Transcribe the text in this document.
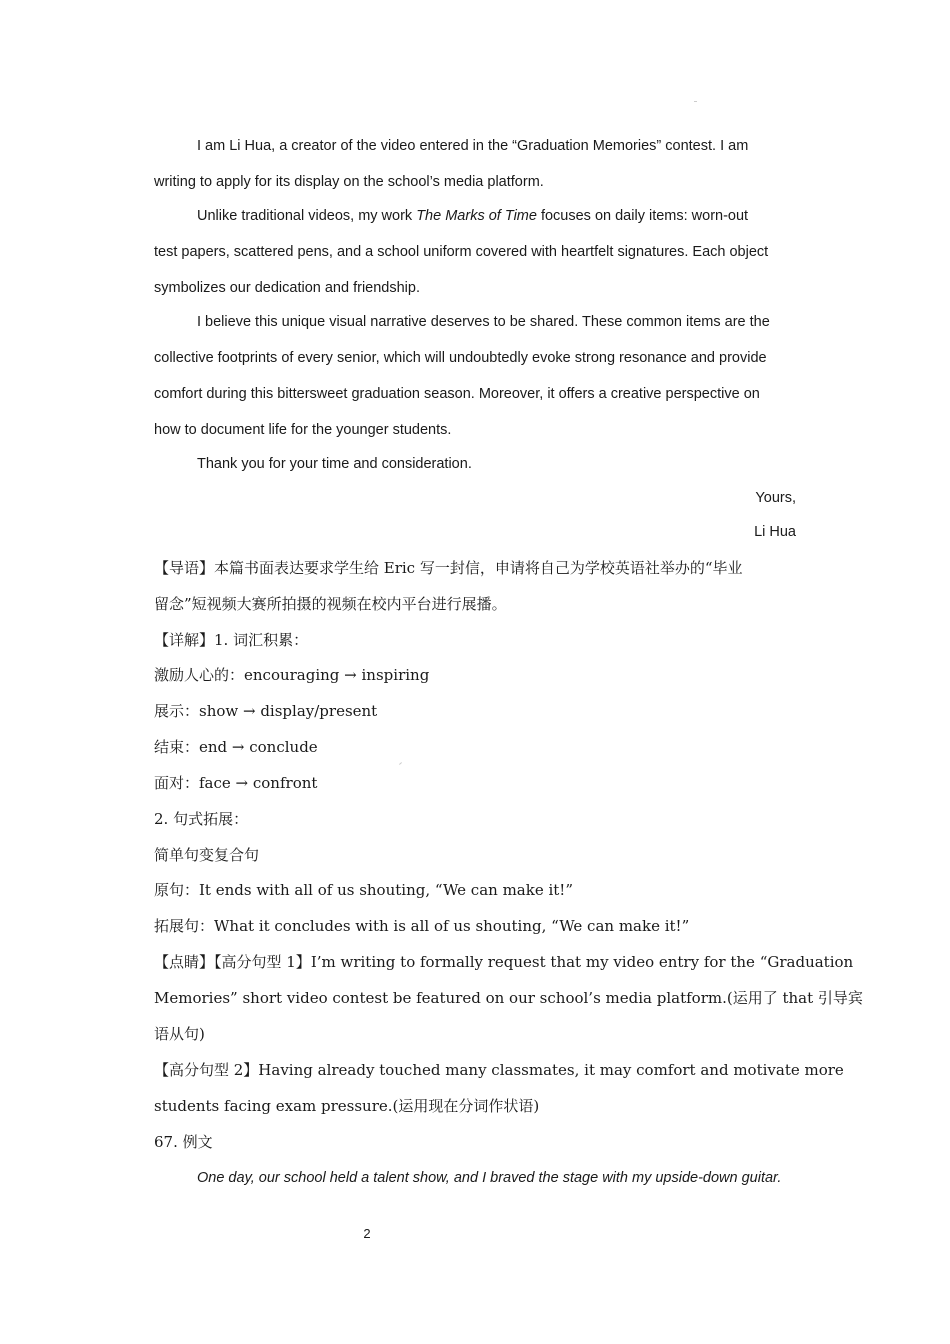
I am Li Hua, a creator of the video entered in the “Graduation Memories” contest. I am
writing to apply for its display on the school’s media platform.
Unlike traditional videos, my work The Marks of Time focuses on daily items: worn-out
test papers, scattered pens, and a school uniform covered with heartfelt signatures. Each object
symbolizes our dedication and friendship.
I believe this unique visual narrative deserves to be shared. These common items are the
collective footprints of every senior, which will undoubtedly evoke strong resonance and provide
comfort during this bittersweet graduation season. Moreover, it offers a creative perspective on
how to document life for the younger students.
Thank you for your time and consideration.
Yours,
Li Hua
【导语】本篇书面表达要求学生给 Eric 写一封信，申请将自己为学校英语社举办的“毕业
留念”短视频大赛所拍摄的视频在校内平台进行展播。
【详解】1. 词汇积累：
激励人心的：encouraging → inspiring
展示：show → display/present
结束：end → conclude
面对：face → confront
2. 句式拓展：
简单句变复合句
原句：It ends with all of us shouting, “We can make it!”
拓展句：What it concludes with is all of us shouting, “We can make it!”
【点睛】【高分句型 1】I’m writing to formally request that my video entry for the “Graduation
Memories” short video contest be featured on our school’s media platform.(运用了 that 引导宾
语从句)
【高分句型 2】Having already touched many classmates, it may comfort and motivate more
students facing exam pressure.(运用现在分词作状语)
67. 例文
One day, our school held a talent show, and I braved the stage with my upside-down guitar.
2
